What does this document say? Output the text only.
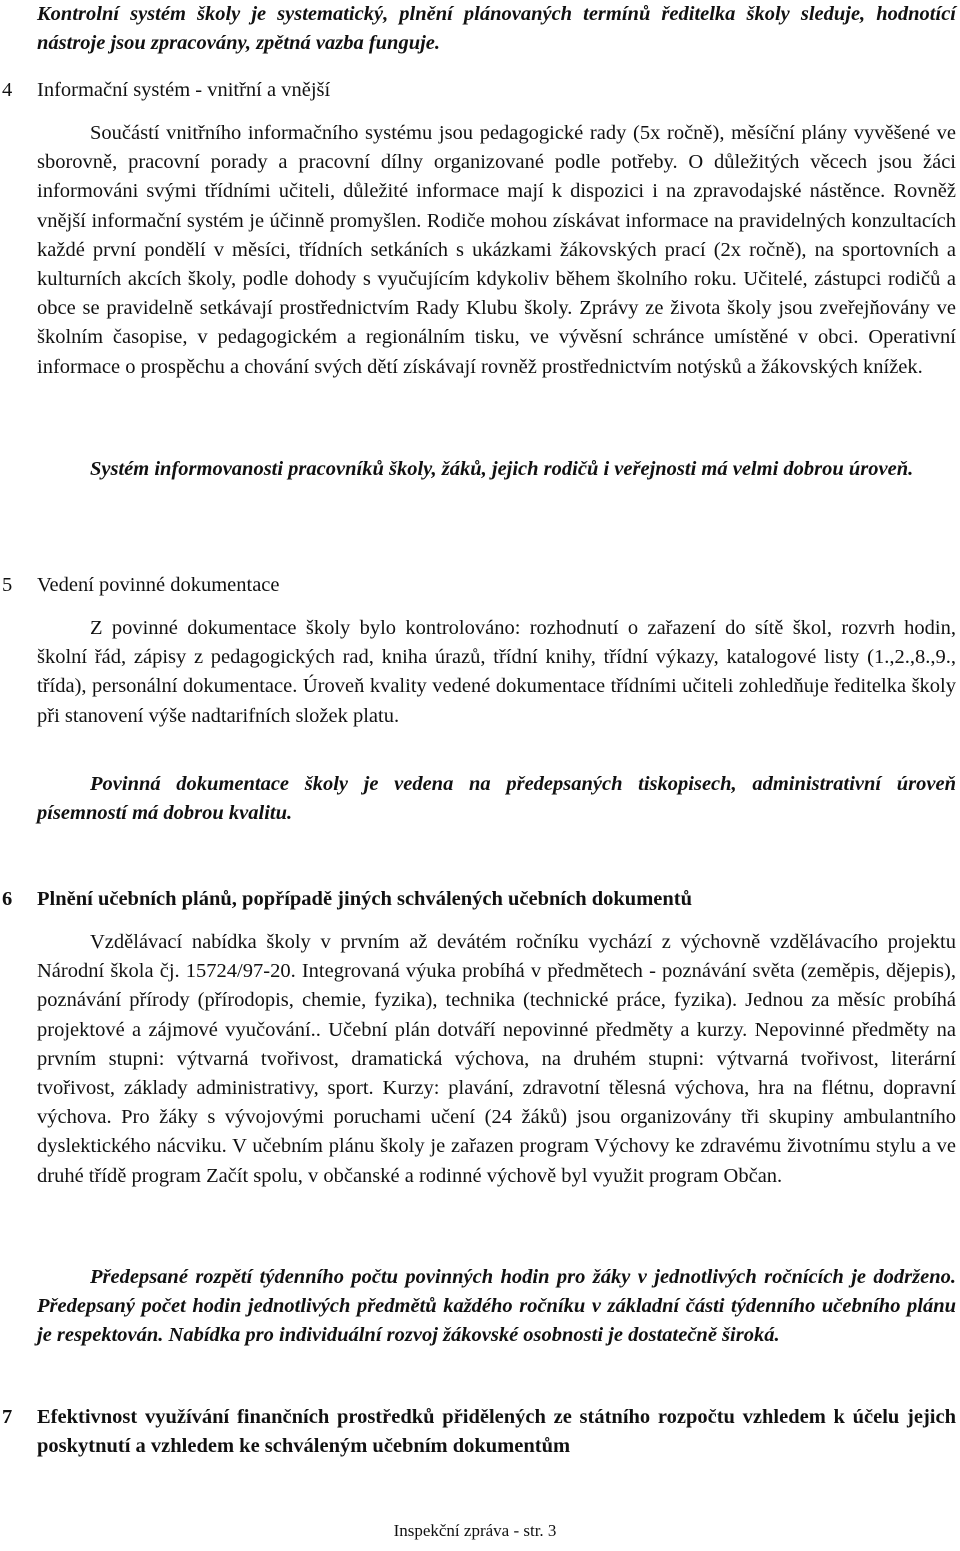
Kontrolní systém školy je systematický, plnění plánovaných termínů ředitelka školy sleduje, hodnotící nástroje jsou zpracovány, zpětná vazba funguje.

4 Informační systém - vnitřní a vnější

Součástí vnitřního informačního systému jsou pedagogické rady (5x ročně), měsíční plány vyvěšené ve sborovně, pracovní porady a pracovní dílny organizované podle potřeby. O důležitých věcech jsou žáci informováni svými třídními učiteli, důležité informace mají k dispozici i na zpravodajské nástěnce. Rovněž vnější informační systém je účinně promyšlen. Rodiče mohou získávat informace na pravidelných konzultacích každé první pondělí v měsíci, třídních setkáních s ukázkami žákovských prací (2x ročně), na sportovních a kulturních akcích školy, podle dohody s vyučujícím kdykoliv během školního roku. Učitelé, zástupci rodičů a obce se pravidelně setkávají prostřednictvím Rady Klubu školy. Zprávy ze života školy jsou zveřejňovány ve školním časopise, v pedagogickém a regionálním tisku, ve vývěsní schránce umístěné v obci. Operativní informace o prospěchu a chování svých dětí získávají rovněž prostřednictvím notýsků a žákovských knížek.

Systém informovanosti pracovníků školy, žáků, jejich rodičů i veřejnosti má velmi dobrou úroveň.

5 Vedení povinné dokumentace

Z povinné dokumentace školy bylo kontrolováno: rozhodnutí o zařazení do sítě škol, rozvrh hodin, školní řád, zápisy z pedagogických rad, kniha úrazů, třídní knihy, třídní výkazy, katalogové listy (1.,2.,8.,9., třída), personální dokumentace. Úroveň kvality vedené dokumentace třídními učiteli zohledňuje ředitelka školy při stanovení výše nadtarifních složek platu.

Povinná dokumentace školy je vedena na předepsaných tiskopisech, administrativní úroveň písemností má dobrou kvalitu.

6 Plnění učebních plánů, popřípadě jiných schválených učebních dokumentů

Vzdělávací nabídka školy v prvním až devátém ročníku vychází z výchovně vzdělávacího projektu Národní škola čj. 15724/97-20. Integrovaná výuka probíhá v předmětech - poznávání světa (zeměpis, dějepis), poznávání přírody (přírodopis, chemie, fyzika), technika (technické práce, fyzika). Jednou za měsíc probíhá projektové a zájmové vyučování.. Učební plán dotváří nepovinné předměty a kurzy. Nepovinné předměty na prvním stupni: výtvarná tvořivost, dramatická výchova, na druhém stupni: výtvarná tvořivost, literární tvořivost, základy administrativy, sport. Kurzy: plavání, zdravotní tělesná výchova, hra na flétnu, dopravní výchova. Pro žáky s vývojovými poruchami učení (24 žáků) jsou organizovány tři skupiny ambulantního dyslektického nácviku. V učebním plánu školy je zařazen program Výchovy ke zdravému životnímu stylu a ve druhé třídě program Začít spolu, v občanské a rodinné výchově byl využit program Občan.

Předepsané rozpětí týdenního počtu povinných hodin pro žáky v jednotlivých ročnících je dodrženo. Předepsaný počet hodin jednotlivých předmětů každého ročníku v základní části týdenního učebního plánu je respektován. Nabídka pro individuální rozvoj žákovské osobnosti je dostatečně široká.

7 Efektivnost využívání finančních prostředků přidělených ze státního rozpočtu vzhledem k účelu jejich poskytnutí a vzhledem ke schváleným učebním dokumentům
Inspekční zpráva - str. 3
